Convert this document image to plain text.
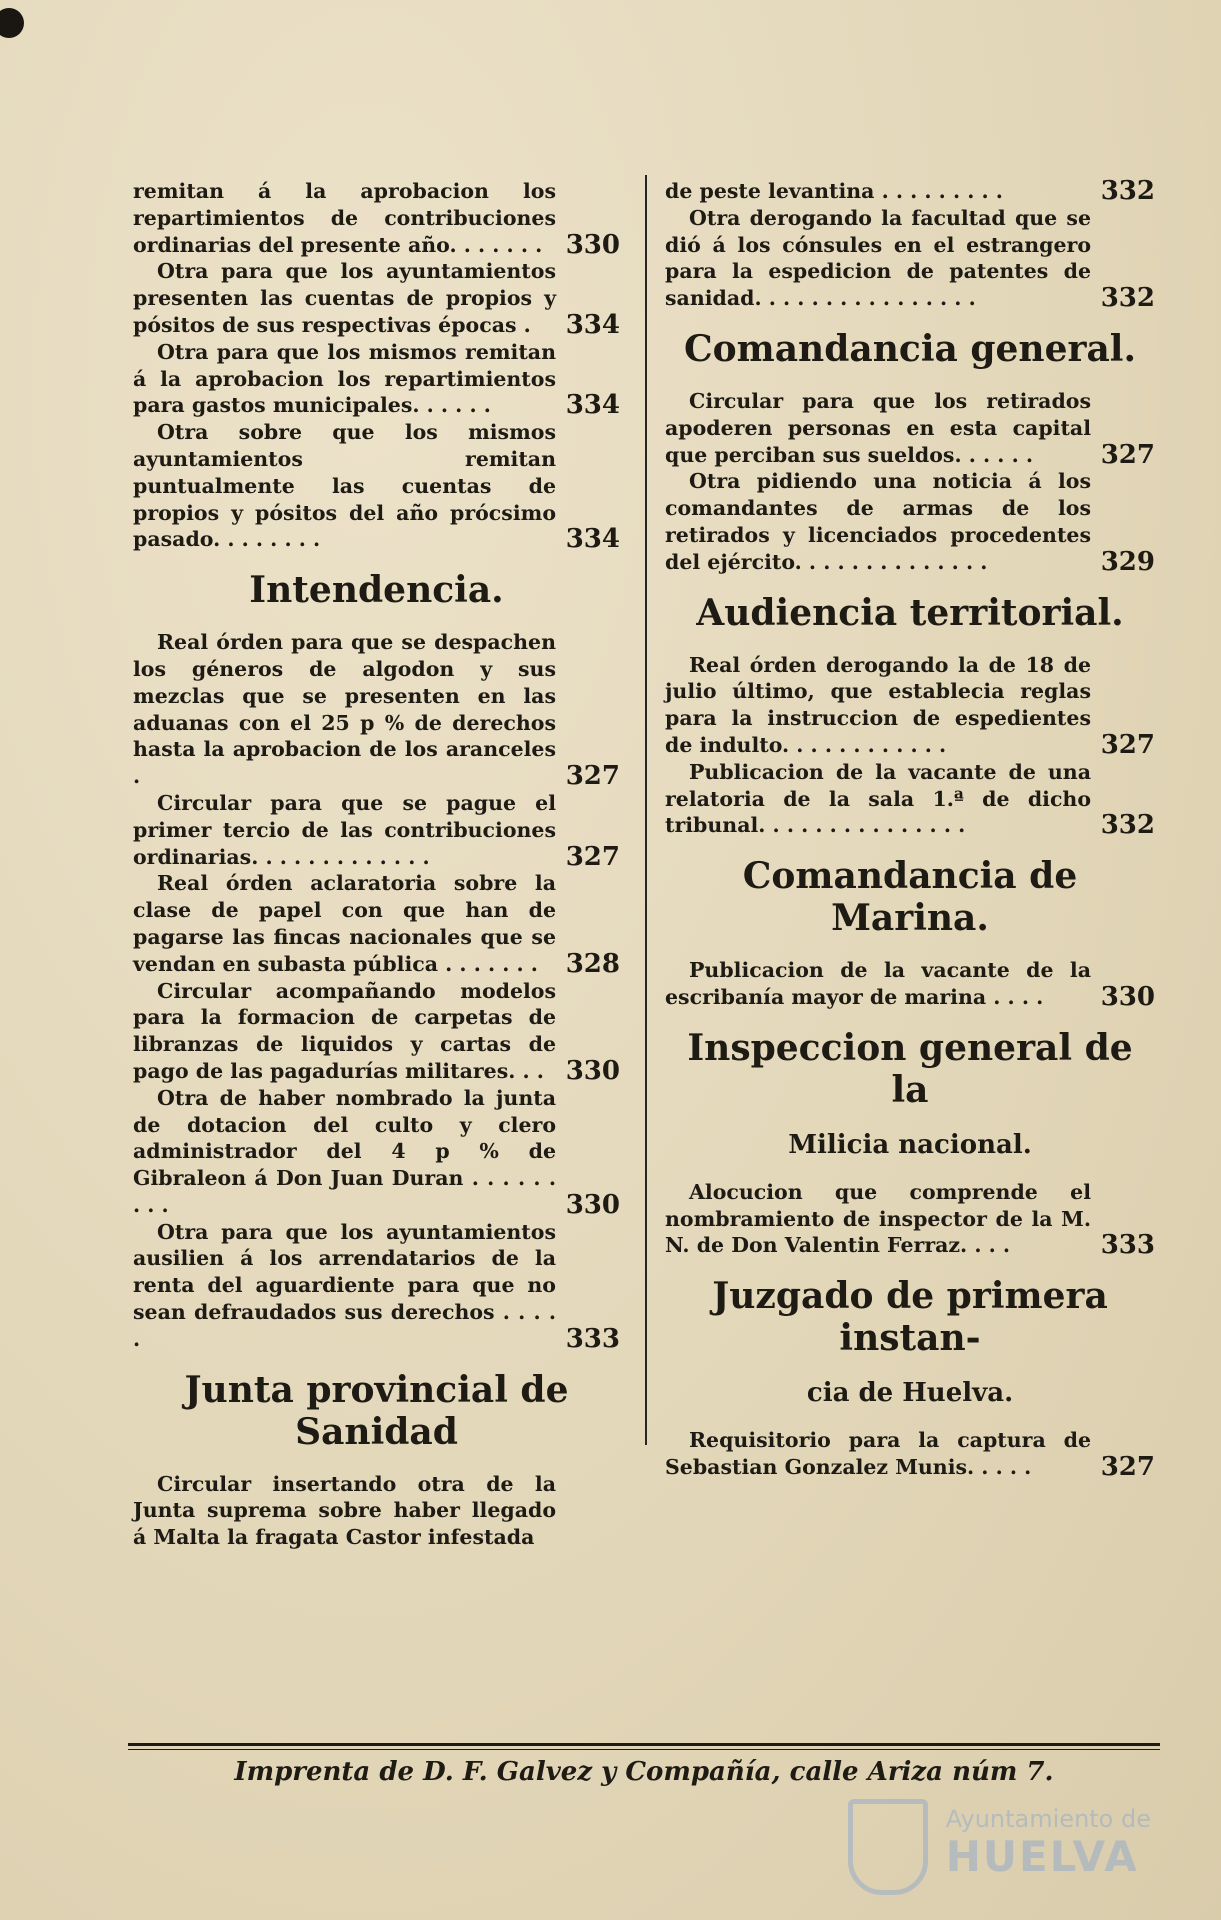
remitan á la aprobacion los repartimientos de contribuciones ordinarias del presente año. . . . . . . 330
Otra para que los ayuntamientos presenten las cuentas de propios y pósitos de sus respectivas épocas .	334
Otra para que los mismos remitan á la aprobacion los repartimientos para gastos municipales. . . . . .	334
Otra sobre que los mismos ayuntamientos remitan puntualmente las cuentas de propios y pósitos del año prócsimo pasado. . . . . . . .	334
Intendencia.
Real órden para que se despachen los géneros de algodon y sus mezclas que se presenten en las aduanas con el 25 p % de derechos hasta la aprobacion de los aranceles .	327
Circular para que se pague el primer tercio de las contribuciones ordinarias. . . . . . . . . . . . .	327
Real órden aclaratoria sobre la clase de papel con que han de pagarse las fincas nacionales que se vendan en subasta pública . . . . . . .	328
Circular acompañando modelos para la formacion de carpetas de libranzas de liquidos y cartas de pago de las pagadurías militares. . . 330
Otra de haber nombrado la junta de dotacion del culto y clero administrador del 4 p % de Gibraleon á Don Juan Duran . . . . . . . . .	330
Otra para que los ayuntamientos ausilien á los arrendatarios de la renta del aguardiente para que no sean defraudados sus derechos . . . . .	333
Junta provincial de Sanidad
Circular insertando otra de la Junta suprema sobre haber llegado á Malta la fragata Castor infestada
de peste levantina . . . . . . . . .	332
Otra derogando la facultad que se dió á los cónsules en el estrangero para la espedicion de patentes de sanidad. . . . . . . . . . . . . . . .	332
Comandancia general.
Circular para que los retirados apoderen personas en esta capital que perciban sus sueldos. . . . . .	327
Otra pidiendo una noticia á los comandantes de armas de los retirados y licenciados procedentes del ejército. . . . . . . . . . . . . .	329
Audiencia territorial.
Real órden derogando la de 18 de julio último, que establecia reglas para la instruccion de espedientes de indulto. . . . . . . . . . . .	327
Publicacion de la vacante de una relatoria de la sala 1.ª de dicho tribunal. . . . . . . . . . . . . . .	332
Comandancia de Marina.
Publicacion de la vacante de la escribanía mayor de marina . . . .	330
Inspeccion general de la
Milicia nacional.
Alocucion que comprende el nombramiento de inspector de la M. N. de Don Valentin Ferraz. . . .	333
Juzgado de primera instan-
cia de Huelva.
Requisitorio para la captura de Sebastian Gonzalez Munis. . . . .	327
Imprenta de D. F. Galvez y Compañía, calle Ariza núm 7.
Ayuntamiento de
HUELVA
